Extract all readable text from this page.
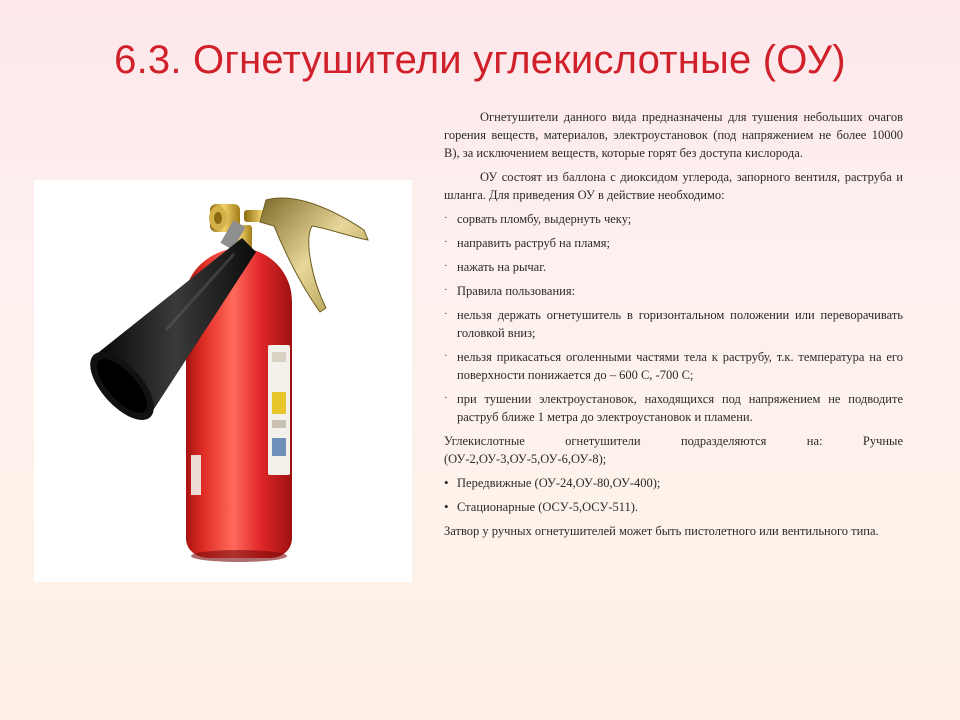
6.3. Огнетушители углекислотные (ОУ)

Огнетушители данного вида предназначены для тушения небольших очагов горения веществ, материалов, электроустановок (под напряжением не более 10000 В), за исключением веществ, которые горят без доступа кислорода.

ОУ состоят из баллона с диоксидом углерода, запорного вентиля, раструба и шланга. Для приведения ОУ в действие необходимо:

· сорвать пломбу, выдернуть чеку;
· направить раструб на пламя;
· нажать на рычаг.
· Правила пользования:
· нельзя держать огнетушитель в горизонтальном положении или переворачивать головкой вниз;
· нельзя прикасаться оголенными частями тела к раструбу, т.к. температура на его поверхности понижается до – 600 С, -700 С;
· при тушении электроустановок, находящихся под напряжением не подводите раструб ближе 1 метра до электроустановок и пламени.

Углекислотные огнетушители подразделяются на: Ручные (ОУ-2,ОУ-3,ОУ-5,ОУ-6,ОУ-8);

• Передвижные (ОУ-24,ОУ-80,ОУ-400);
• Стационарные (ОСУ-5,ОСУ-511).

Затвор у ручных огнетушителей может быть пистолетного или вентильного типа.
